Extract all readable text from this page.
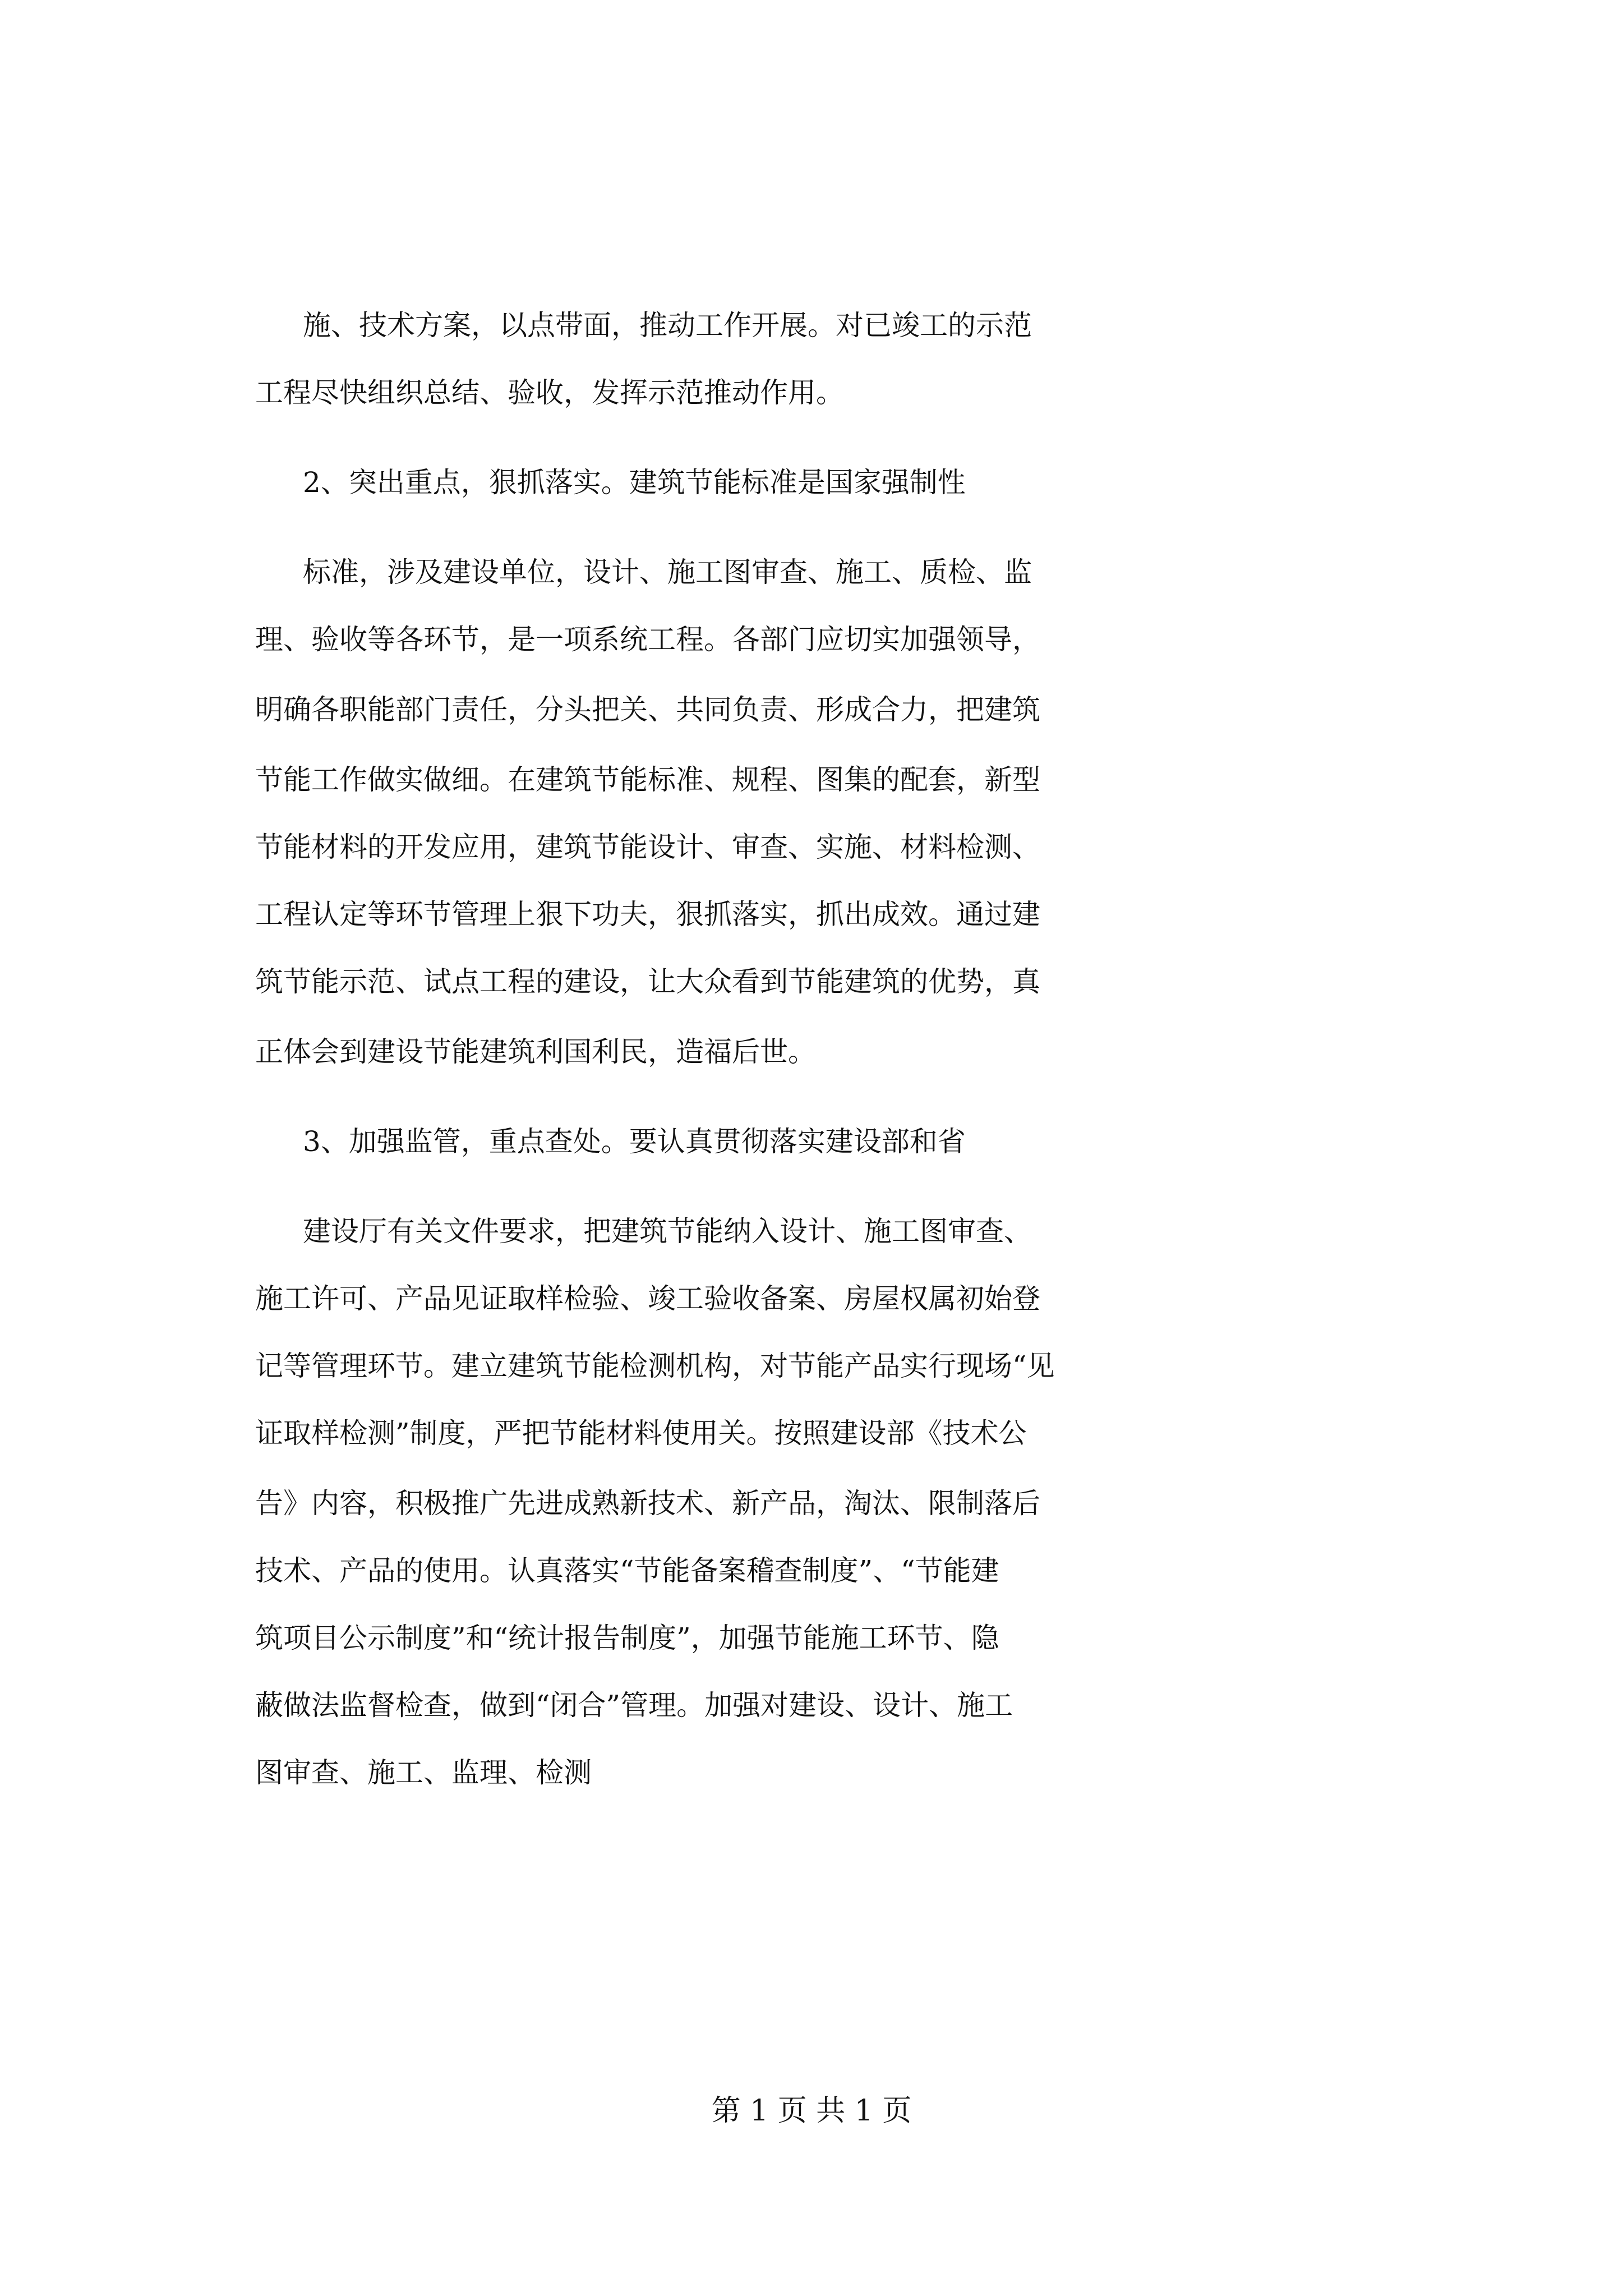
施、技术方案，以点带面，推动工作开展。对已竣工的示范
工程尽快组织总结、验收，发挥示范推动作用。
2、突出重点，狠抓落实。建筑节能标准是国家强制性
标准，涉及建设单位，设计、施工图审查、施工、质检、监
理、验收等各环节，是一项系统工程。各部门应切实加强领导，
明确各职能部门责任，分头把关、共同负责、形成合力，把建筑
节能工作做实做细。在建筑节能标准、规程、图集的配套，新型
节能材料的开发应用，建筑节能设计、审查、实施、材料检测、
工程认定等环节管理上狠下功夫，狠抓落实，抓出成效。通过建
筑节能示范、试点工程的建设，让大众看到节能建筑的优势，真
正体会到建设节能建筑利国利民，造福后世。
3、加强监管，重点查处。要认真贯彻落实建设部和省
建设厅有关文件要求，把建筑节能纳入设计、施工图审查、
施工许可、产品见证取样检验、竣工验收备案、房屋权属初始登
记等管理环节。建立建筑节能检测机构，对节能产品实行现场“见
证取样检测”制度，严把节能材料使用关。按照建设部《技术公
告》内容，积极推广先进成熟新技术、新产品，淘汰、限制落后
技术、产品的使用。认真落实“节能备案稽查制度”、“节能建
筑项目公示制度”和“统计报告制度”，加强节能施工环节、隐
蔽做法监督检查，做到“闭合”管理。加强对建设、设计、施工
图审查、施工、监理、检测
第 1 页 共 1 页
